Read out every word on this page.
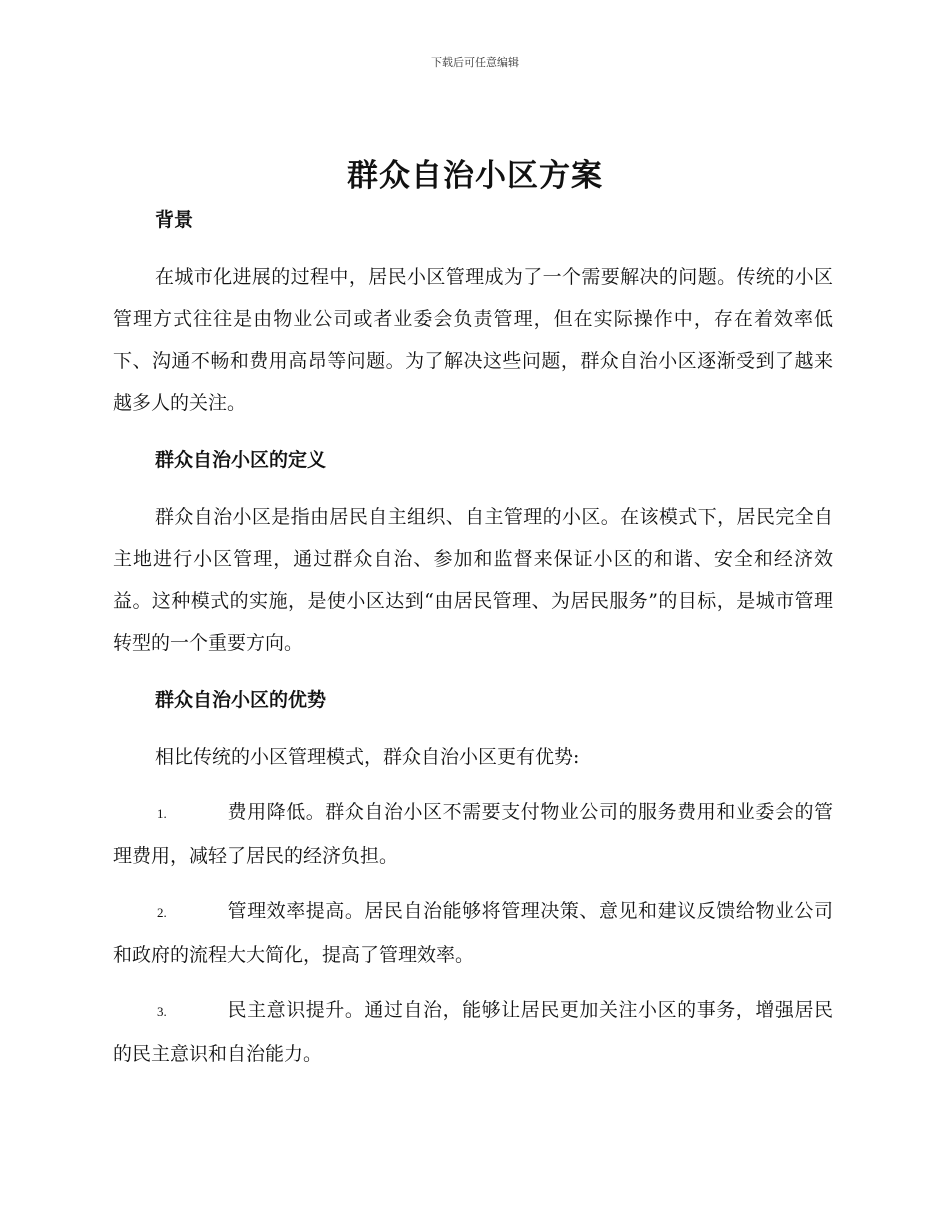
下载后可任意编辑
群众自治小区方案
背景

在城市化进展的过程中，居民小区管理成为了一个需要解决的问题。传统的小区管理方式往往是由物业公司或者业委会负责管理，但在实际操作中，存在着效率低下、沟通不畅和费用高昂等问题。为了解决这些问题，群众自治小区逐渐受到了越来越多人的关注。

群众自治小区的定义

群众自治小区是指由居民自主组织、自主管理的小区。在该模式下，居民完全自主地进行小区管理，通过群众自治、参加和监督来保证小区的和谐、安全和经济效益。这种模式的实施，是使小区达到“由居民管理、为居民服务”的目标，是城市管理转型的一个重要方向。

群众自治小区的优势

相比传统的小区管理模式，群众自治小区更有优势:

1.	费用降低。群众自治小区不需要支付物业公司的服务费用和业委会的管理费用，减轻了居民的经济负担。

2.	管理效率提高。居民自治能够将管理决策、意见和建议反馈给物业公司和政府的流程大大简化，提高了管理效率。

3.	民主意识提升。通过自治，能够让居民更加关注小区的事务，增强居民的民主意识和自治能力。
